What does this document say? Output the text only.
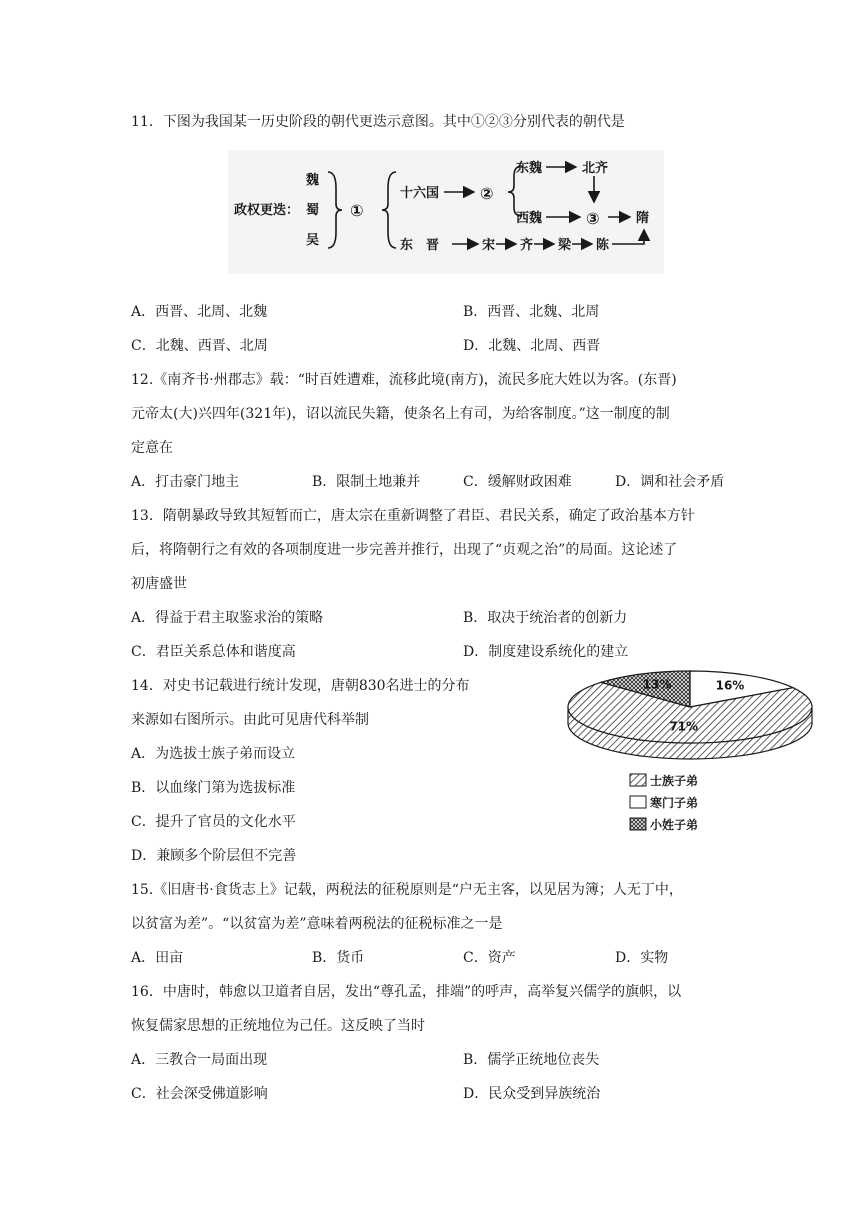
11．下图为我国某一历史阶段的朝代更迭示意图。其中①②③分别代表的朝代是
政权更迭：
魏
蜀
吴
①
十六国	②
东魏	北齐
西魏	③	隋
东　晋	宋 齐 梁 陈
A．西晋、北周、北魏	B．西晋、北魏、北周
C．北魏、西晋、北周	D．北魏、北周、西晋
12.《南齐书·州郡志》载：“时百姓遭难，流移此境(南方)，流民多庇大姓以为客。(东晋)
元帝太(大)兴四年(321年)，诏以流民失籍，使条名上有司，为给客制度。”这一制度的制
定意在
A．打击豪门地主	B．限制土地兼并	C．缓解财政困难	D．调和社会矛盾
13．隋朝暴政导致其短暂而亡，唐太宗在重新调整了君臣、君民关系，确定了政治基本方针
后，将隋朝行之有效的各项制度进一步完善并推行，出现了“贞观之治”的局面。这论述了
初唐盛世
A．得益于君主取鉴求治的策略	B．取决于统治者的创新力
C．君臣关系总体和谐度高	D．制度建设系统化的建立
14．对史书记载进行统计发现，唐朝830名进士的分布
来源如右图所示。由此可见唐代科举制
A．为选拔士族子弟而设立
B．以血缘门第为选拔标准
C．提升了官员的文化水平
D．兼顾多个阶层但不完善
16%
71%
13%
士族子弟
寒门子弟
小姓子弟
15.《旧唐书·食货志上》记载，两税法的征税原则是“户无主客，以见居为簿；人无丁中，
以贫富为差”。“以贫富为差”意味着两税法的征税标准之一是
A．田亩	B．货币	C．资产	D．实物
16．中唐时，韩愈以卫道者自居，发出“尊孔孟，排端”的呼声，高举复兴儒学的旗帜，以
恢复儒家思想的正统地位为己任。这反映了当时
A．三教合一局面出现	B．儒学正统地位丧失
C．社会深受佛道影响	D．民众受到异族统治
